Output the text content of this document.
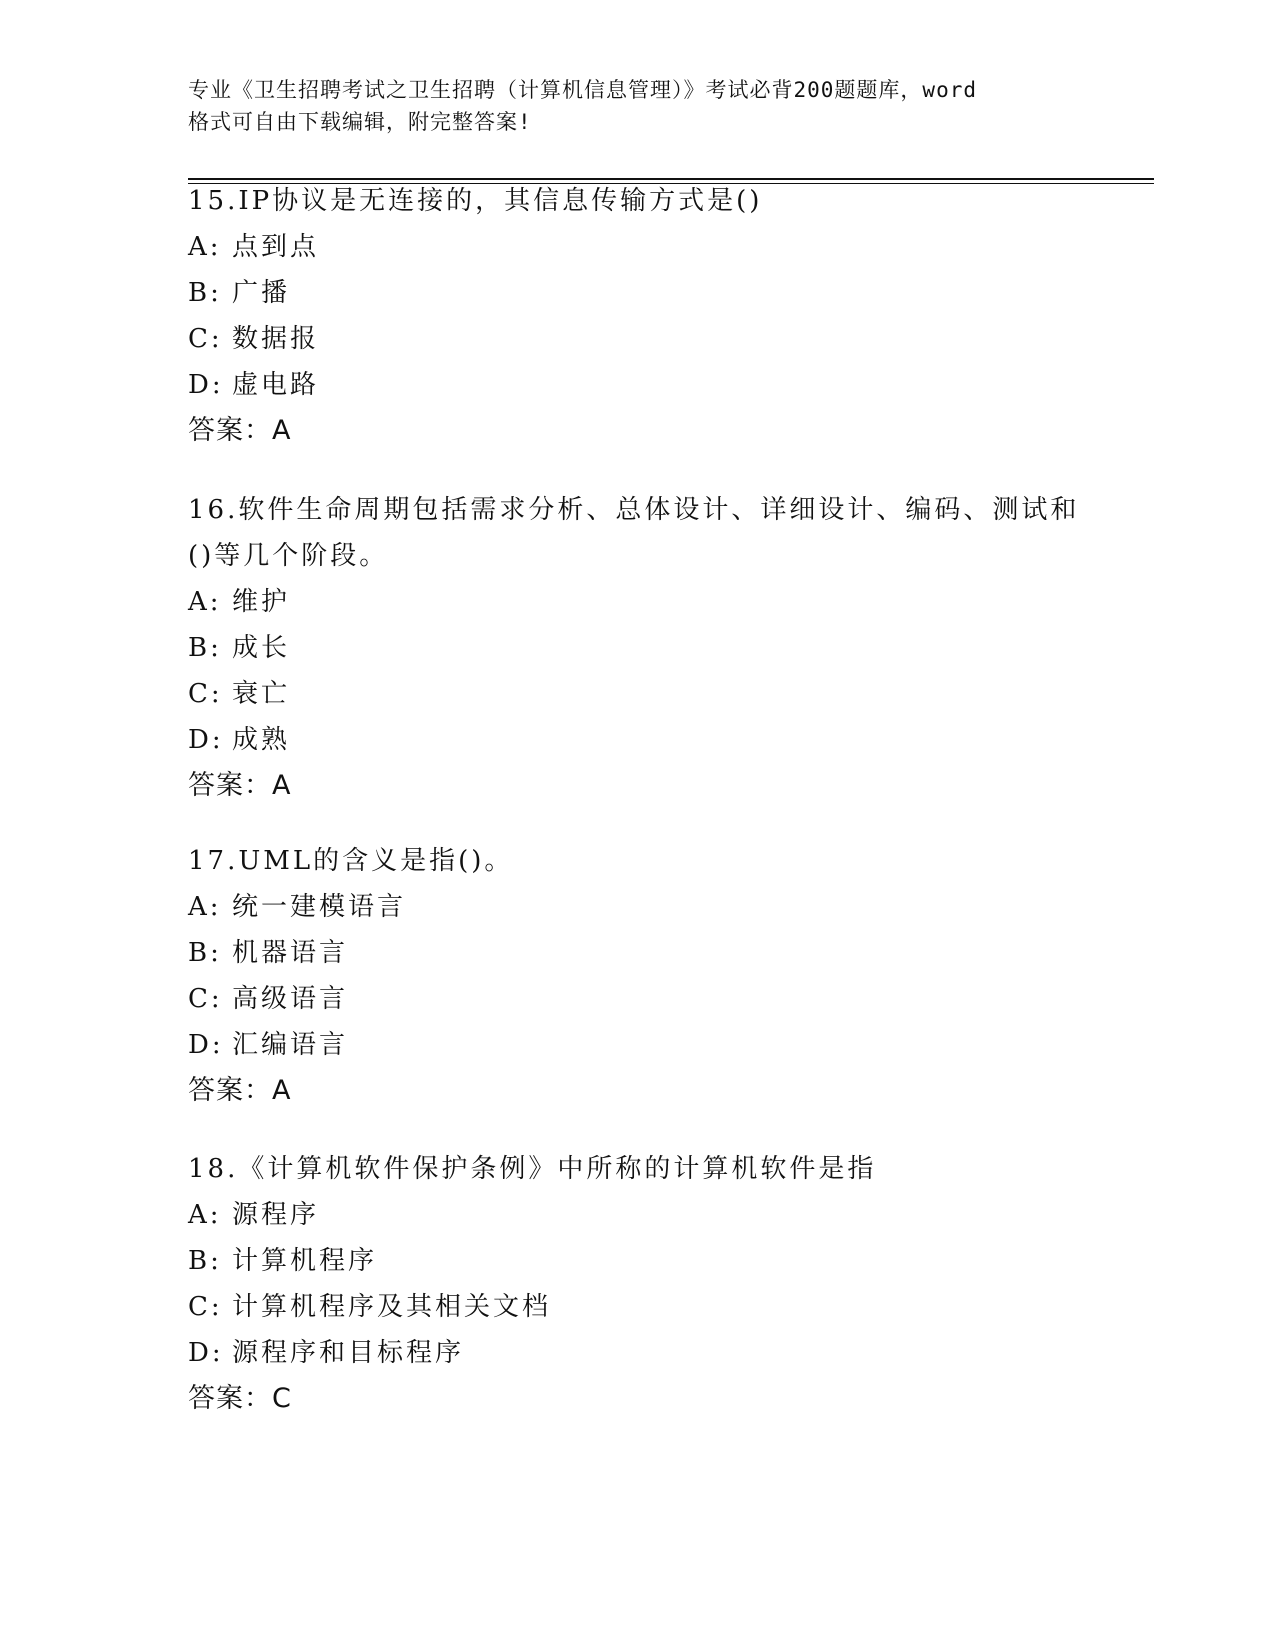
专业《卫生招聘考试之卫生招聘（计算机信息管理）》考试必背200题题库，word
格式可自由下载编辑，附完整答案!

15.IP协议是无连接的，其信息传输方式是()

A: 点到点

B: 广播

C: 数据报

D: 虚电路

答案：A

16.软件生命周期包括需求分析、总体设计、详细设计、编码、测试和

()等几个阶段。

A: 维护

B: 成长

C: 衰亡

D: 成熟

答案：A

17.UML的含义是指()。

A: 统一建模语言

B: 机器语言

C: 高级语言

D: 汇编语言

答案：A

18.《计算机软件保护条例》中所称的计算机软件是指

A: 源程序

B: 计算机程序

C: 计算机程序及其相关文档

D: 源程序和目标程序

答案：C
